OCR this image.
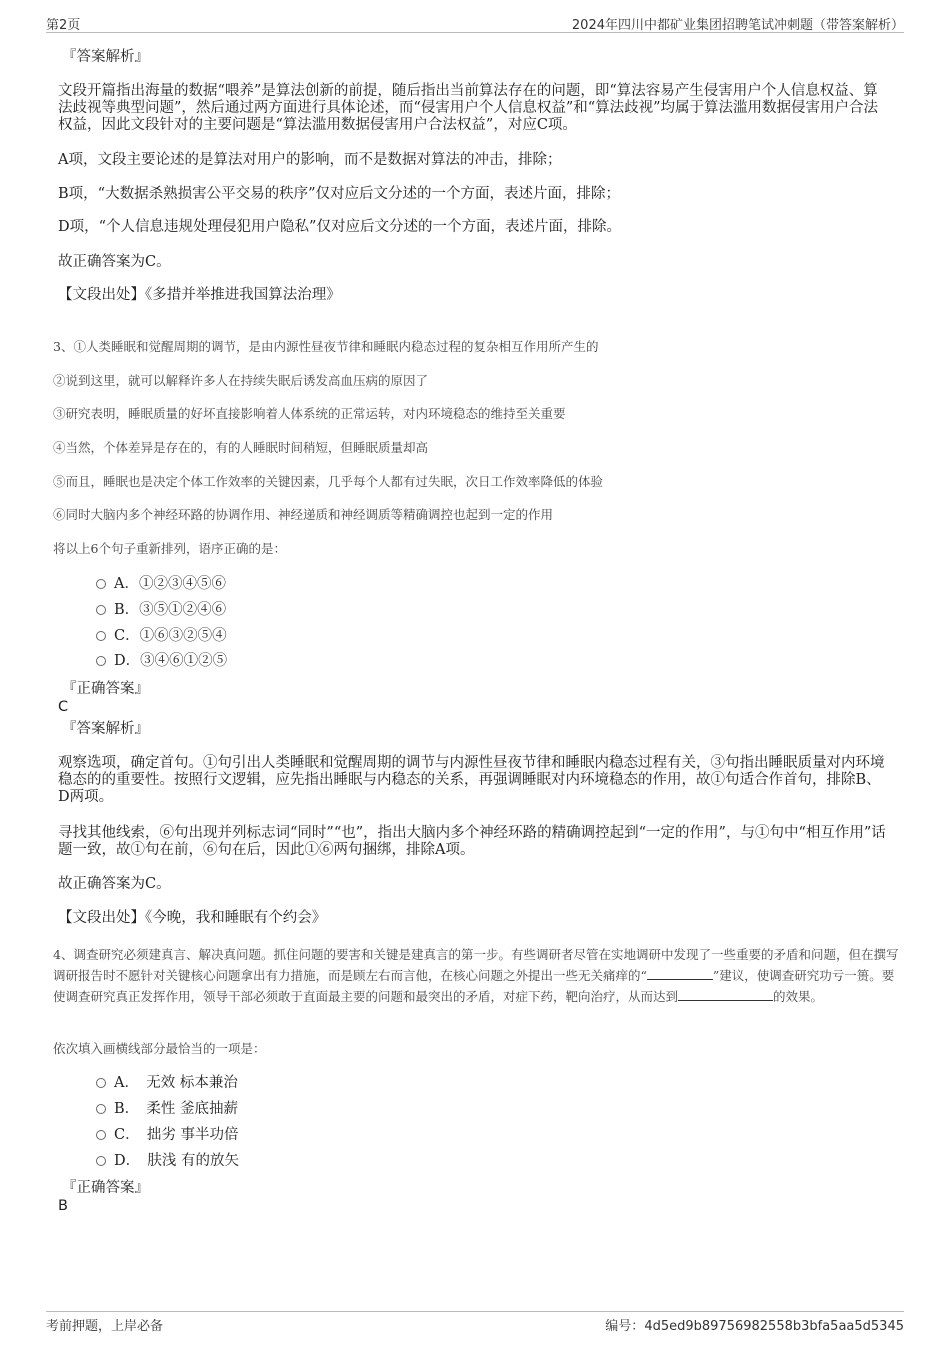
第2页	2024年四川中都矿业集团招聘笔试冲刺题（带答案解析）

『答案解析』

文段开篇指出海量的数据“喂养”是算法创新的前提，随后指出当前算法存在的问题，即“算法容易产生侵害用户个人信息权益、算法歧视等典型问题”，然后通过两方面进行具体论述，而“侵害用户个人信息权益”和“算法歧视”均属于算法滥用数据侵害用户合法权益，因此文段针对的主要问题是“算法滥用数据侵害用户合法权益”，对应C项。

A项，文段主要论述的是算法对用户的影响，而不是数据对算法的冲击，排除；

B项，“大数据杀熟损害公平交易的秩序”仅对应后文分述的一个方面，表述片面，排除；

D项，“个人信息违规处理侵犯用户隐私”仅对应后文分述的一个方面，表述片面，排除。

故正确答案为C。

【文段出处】《多措并举推进我国算法治理》

3、①人类睡眠和觉醒周期的调节，是由内源性昼夜节律和睡眠内稳态过程的复杂相互作用所产生的

②说到这里，就可以解释许多人在持续失眠后诱发高血压病的原因了

③研究表明，睡眠质量的好坏直接影响着人体系统的正常运转，对内环境稳态的维持至关重要

④当然，个体差异是存在的，有的人睡眠时间稍短，但睡眠质量却高

⑤而且，睡眠也是决定个体工作效率的关键因素，几乎每个人都有过失眠，次日工作效率降低的体验

⑥同时大脑内多个神经环路的协调作用、神经递质和神经调质等精确调控也起到一定的作用

将以上6个句子重新排列，语序正确的是：

A．①②③④⑤⑥
B．③⑤①②④⑥
C．①⑥③②⑤④
D．③④⑥①②⑤

『正确答案』

C

『答案解析』

观察选项，确定首句。①句引出人类睡眠和觉醒周期的调节与内源性昼夜节律和睡眠内稳态过程有关，③句指出睡眠质量对内环境稳态的的重要性。按照行文逻辑，应先指出睡眠与内稳态的关系，再强调睡眠对内环境稳态的作用，故①句适合作首句，排除B、D两项。

寻找其他线索，⑥句出现并列标志词“同时”“也”，指出大脑内多个神经环路的精确调控起到“一定的作用”，与①句中“相互作用”话题一致，故①句在前，⑥句在后，因此①⑥两句捆绑，排除A项。

故正确答案为C。

【文段出处】《今晚，我和睡眠有个约会》

4、调查研究必须建真言、解决真问题。抓住问题的要害和关键是建真言的第一步。有些调研者尽管在实地调研中发现了一些重要的矛盾和问题，但在撰写调研报告时不愿针对关键核心问题拿出有力措施，而是顾左右而言他，在核心问题之外提出一些无关痛痒的“	”建议，使调查研究功亏一篑。要使调查研究真正发挥作用，领导干部必须敢于直面最主要的问题和最突出的矛盾，对症下药，靶向治疗，从而达到	的效果。

依次填入画横线部分最恰当的一项是：

A．　无效 标本兼治
B．　柔性 釜底抽薪
C．　拙劣 事半功倍
D．　肤浅 有的放矢

『正确答案』

B

考前押题，上岸必备	编号：4d5ed9b89756982558b3bfa5aa5d5345
